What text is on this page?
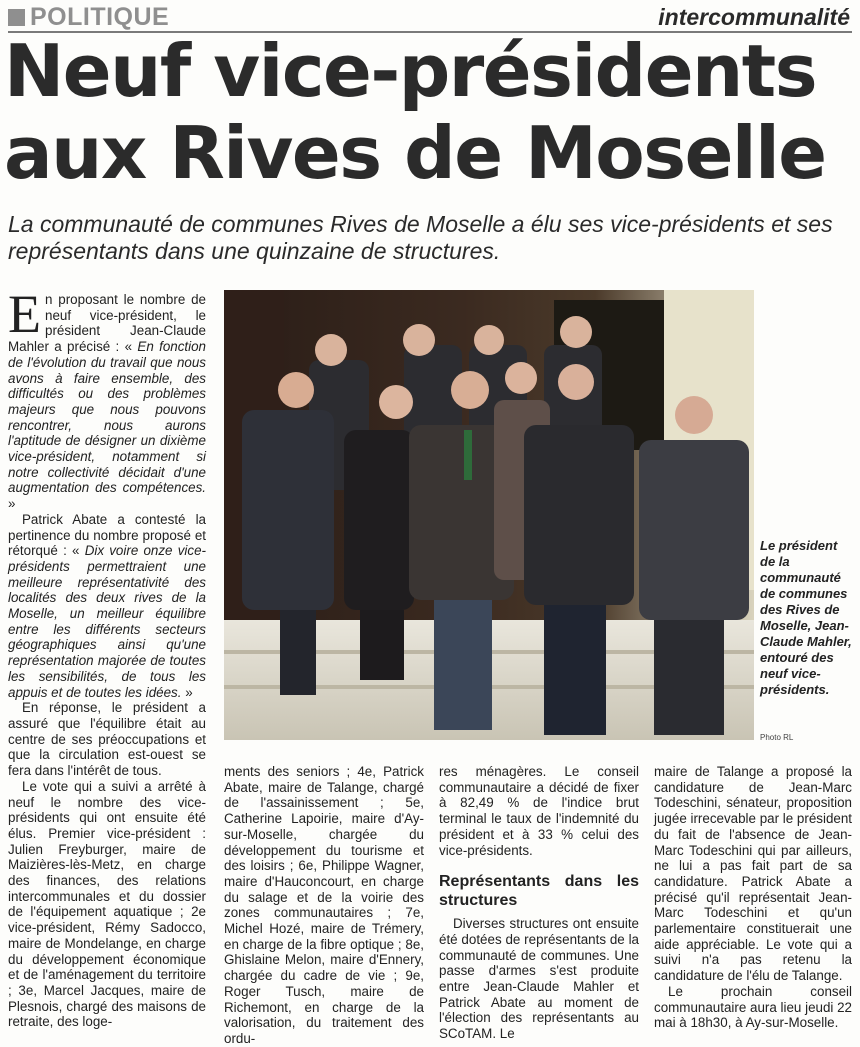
POLITIQUE	intercommunalité
Neuf vice-présidents
aux Rives de Moselle
La communauté de communes Rives de Moselle a élu ses vice-présidents et ses représentants dans une quinzaine de structures.

En proposant le nombre de neuf vice-président, le président Jean-Claude Mahler a précisé : « En fonction de l'évolution du travail que nous avons à faire ensemble, des difficultés ou des problèmes majeurs que nous pouvons rencontrer, nous aurons l'aptitude de désigner un dixième vice-président, notamment si notre collectivité décidait d'une augmentation des compétences. »

Patrick Abate a contesté la pertinence du nombre proposé et rétorqué : « Dix voire onze vice-présidents permettraient une meilleure représentativité des localités des deux rives de la Moselle, un meilleur équilibre entre les différents secteurs géographiques ainsi qu'une représentation majorée de toutes les sensibilités, de tous les appuis et de toutes les idées. »

En réponse, le président a assuré que l'équilibre était au centre de ses préoccupations et que la circulation est-ouest se fera dans l'intérêt de tous.

Le vote qui a suivi a arrêté à neuf le nombre des vice-présidents qui ont ensuite été élus. Premier vice-président : Julien Freyburger, maire de Maizières-lès-Metz, en charge des finances, des relations intercommunales et du dossier de l'équipement aquatique ; 2e vice-président, Rémy Sadocco, maire de Mondelange, en charge du développement économique et de l'aménagement du territoire ; 3e, Marcel Jacques, maire de Plesnois, chargé des maisons de retraite, des loge-

Le président de la communauté de communes des Rives de Moselle, Jean-Claude Mahler, entouré des neuf vice-présidents.
Photo RL

ments des seniors ; 4e, Patrick Abate, maire de Talange, chargé de l'assainissement ; 5e, Catherine Lapoirie, maire d'Ay-sur-Moselle, chargée du développement du tourisme et des loisirs ; 6e, Philippe Wagner, maire d'Hauconcourt, en charge du salage et de la voirie des zones communautaires ; 7e, Michel Hozé, maire de Trémery, en charge de la fibre optique ; 8e, Ghislaine Melon, maire d'Ennery, chargée du cadre de vie ; 9e, Roger Tusch, maire de Richemont, en charge de la valorisation, du traitement des ordu-

res ménagères. Le conseil communautaire a décidé de fixer à 82,49 % de l'indice brut terminal le taux de l'indemnité du président et à 33 % celui des vice-présidents.

Représentants dans les structures

Diverses structures ont ensuite été dotées de représentants de la communauté de communes. Une passe d'armes s'est produite entre Jean-Claude Mahler et Patrick Abate au moment de l'élection des représentants au SCoTAM. Le

maire de Talange a proposé la candidature de Jean-Marc Todeschini, sénateur, proposition jugée irrecevable par le président du fait de l'absence de Jean-Marc Todeschini qui par ailleurs, ne lui a pas fait part de sa candidature. Patrick Abate a précisé qu'il représentait Jean-Marc Todeschini et qu'un parlementaire constituerait une aide appréciable. Le vote qui a suivi n'a pas retenu la candidature de l'élu de Talange.

Le prochain conseil communautaire aura lieu jeudi 22 mai à 18h30, à Ay-sur-Moselle.
